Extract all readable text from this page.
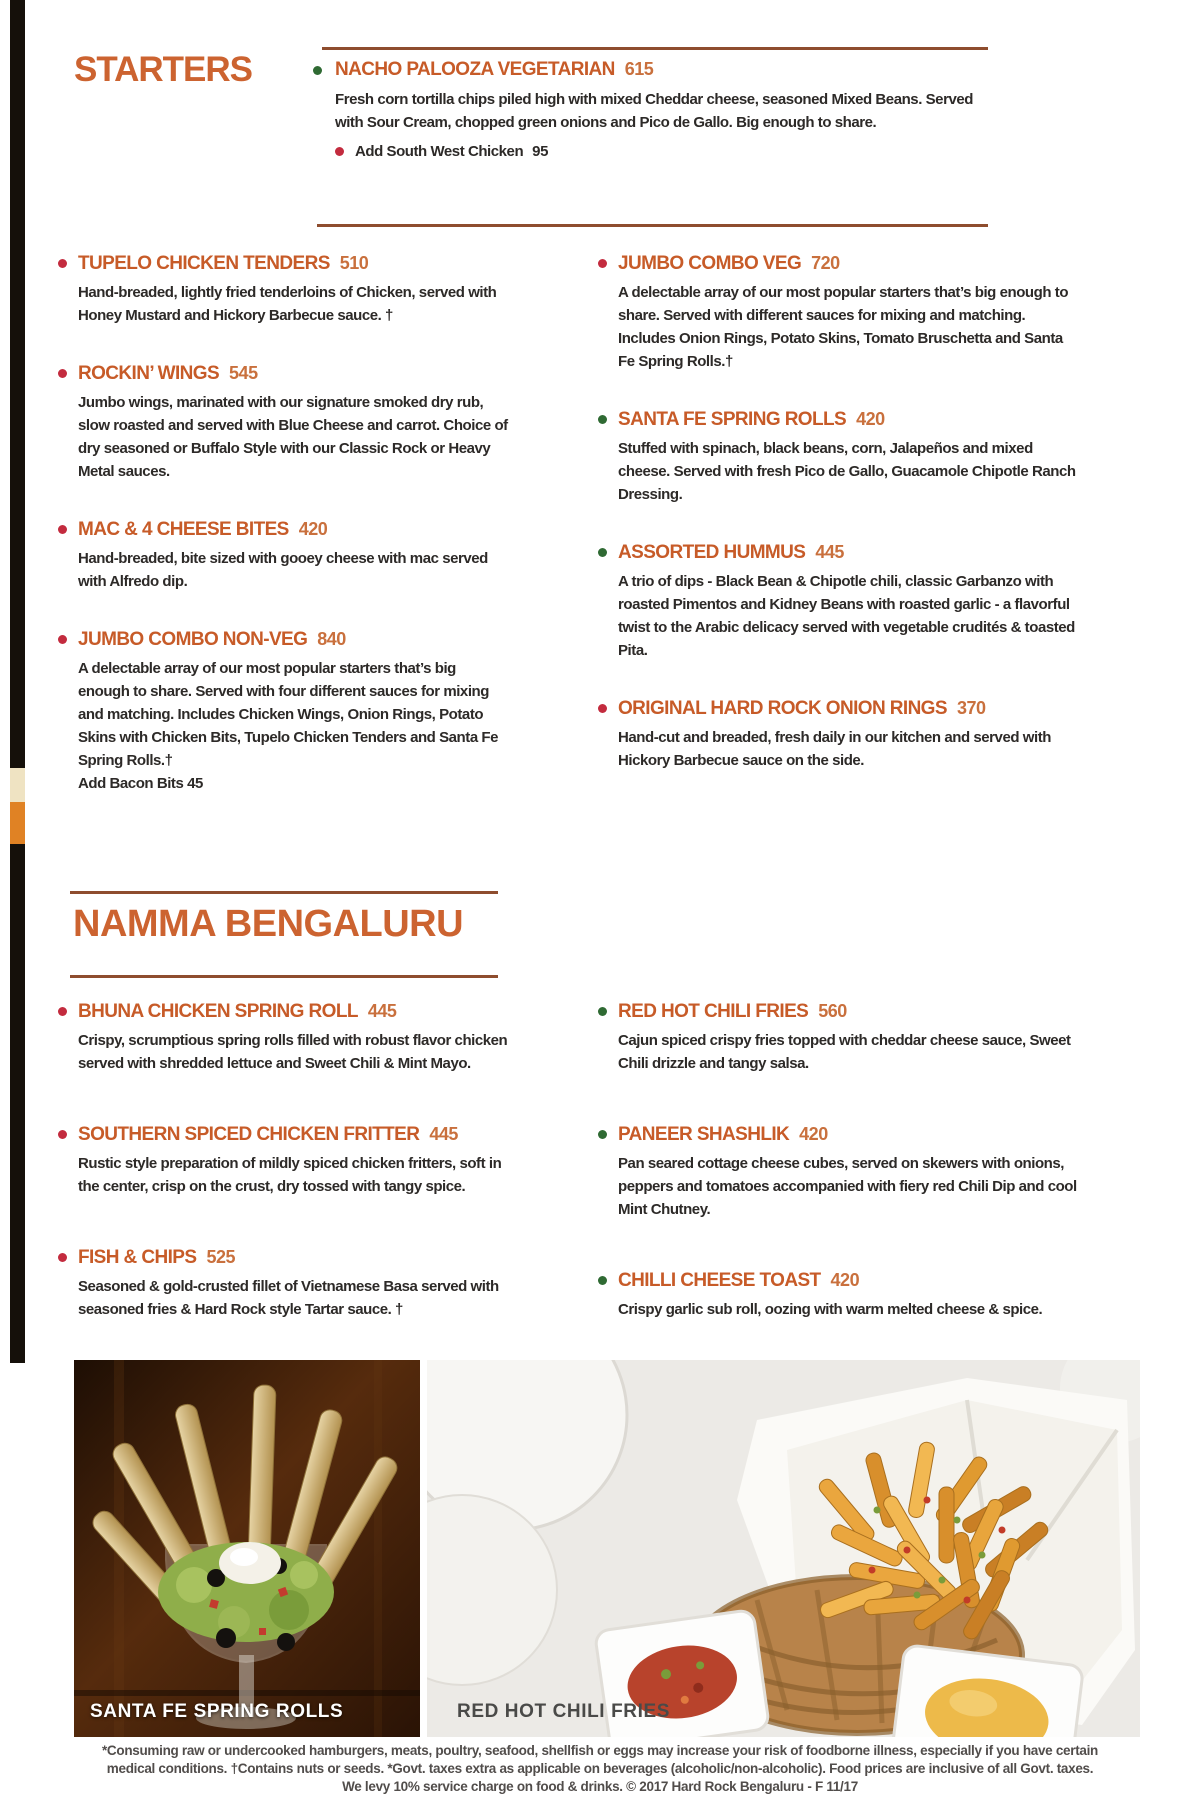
STARTERS	NACHO PALOOZA VEGETARIAN 615
Fresh corn tortilla chips piled high with mixed Cheddar cheese, seasoned Mixed Beans. Served with Sour Cream, chopped green onions and Pico de Gallo. Big enough to share.
Add South West Chicken 95
TUPELO CHICKEN TENDERS 510
Hand-breaded, lightly fried tenderloins of Chicken, served with Honey Mustard and Hickory Barbecue sauce. †
ROCKIN’ WINGS 545
Jumbo wings, marinated with our signature smoked dry rub, slow roasted and served with Blue Cheese and carrot. Choice of dry seasoned or Buffalo Style with our Classic Rock or Heavy Metal sauces.
MAC & 4 CHEESE BITES 420
Hand-breaded, bite sized with gooey cheese with mac served with Alfredo dip.
JUMBO COMBO NON-VEG 840
A delectable array of our most popular starters that’s big enough to share. Served with four different sauces for mixing and matching. Includes Chicken Wings, Onion Rings, Potato Skins with Chicken Bits, Tupelo Chicken Tenders and Santa Fe Spring Rolls.†
Add Bacon Bits 45
JUMBO COMBO VEG 720
A delectable array of our most popular starters that’s big enough to share. Served with different sauces for mixing and matching. Includes Onion Rings, Potato Skins, Tomato Bruschetta and Santa Fe Spring Rolls.†
SANTA FE SPRING ROLLS 420
Stuffed with spinach, black beans, corn, Jalapeños and mixed cheese. Served with fresh Pico de Gallo, Guacamole Chipotle Ranch Dressing.
ASSORTED HUMMUS 445
A trio of dips - Black Bean & Chipotle chili, classic Garbanzo with roasted Pimentos and Kidney Beans with roasted garlic - a flavorful twist to the Arabic delicacy served with vegetable crudités & toasted Pita.
ORIGINAL HARD ROCK ONION RINGS 370
Hand-cut and breaded, fresh daily in our kitchen and served with Hickory Barbecue sauce on the side.
NAMMA BENGALURU
BHUNA CHICKEN SPRING ROLL 445
Crispy, scrumptious spring rolls filled with robust flavor chicken served with shredded lettuce and Sweet Chili & Mint Mayo.
SOUTHERN SPICED CHICKEN FRITTER 445
Rustic style preparation of mildly spiced chicken fritters, soft in the center, crisp on the crust, dry tossed with tangy spice.
FISH & CHIPS 525
Seasoned & gold-crusted fillet of Vietnamese Basa served with seasoned fries & Hard Rock style Tartar sauce. †
RED HOT CHILI FRIES 560
Cajun spiced crispy fries topped with cheddar cheese sauce, Sweet Chili drizzle and tangy salsa.
PANEER SHASHLIK 420
Pan seared cottage cheese cubes, served on skewers with onions, peppers and tomatoes accompanied with fiery red Chili Dip and cool Mint Chutney.
CHILLI CHEESE TOAST 420
Crispy garlic sub roll, oozing with warm melted cheese & spice.
SANTA FE SPRING ROLLS	RED HOT CHILI FRIES
*Consuming raw or undercooked hamburgers, meats, poultry, seafood, shellfish or eggs may increase your risk of foodborne illness, especially if you have certain
medical conditions. †Contains nuts or seeds. *Govt. taxes extra as applicable on beverages (alcoholic/non-alcoholic). Food prices are inclusive of all Govt. taxes.
We levy 10% service charge on food & drinks. © 2017 Hard Rock Bengaluru - F 11/17
